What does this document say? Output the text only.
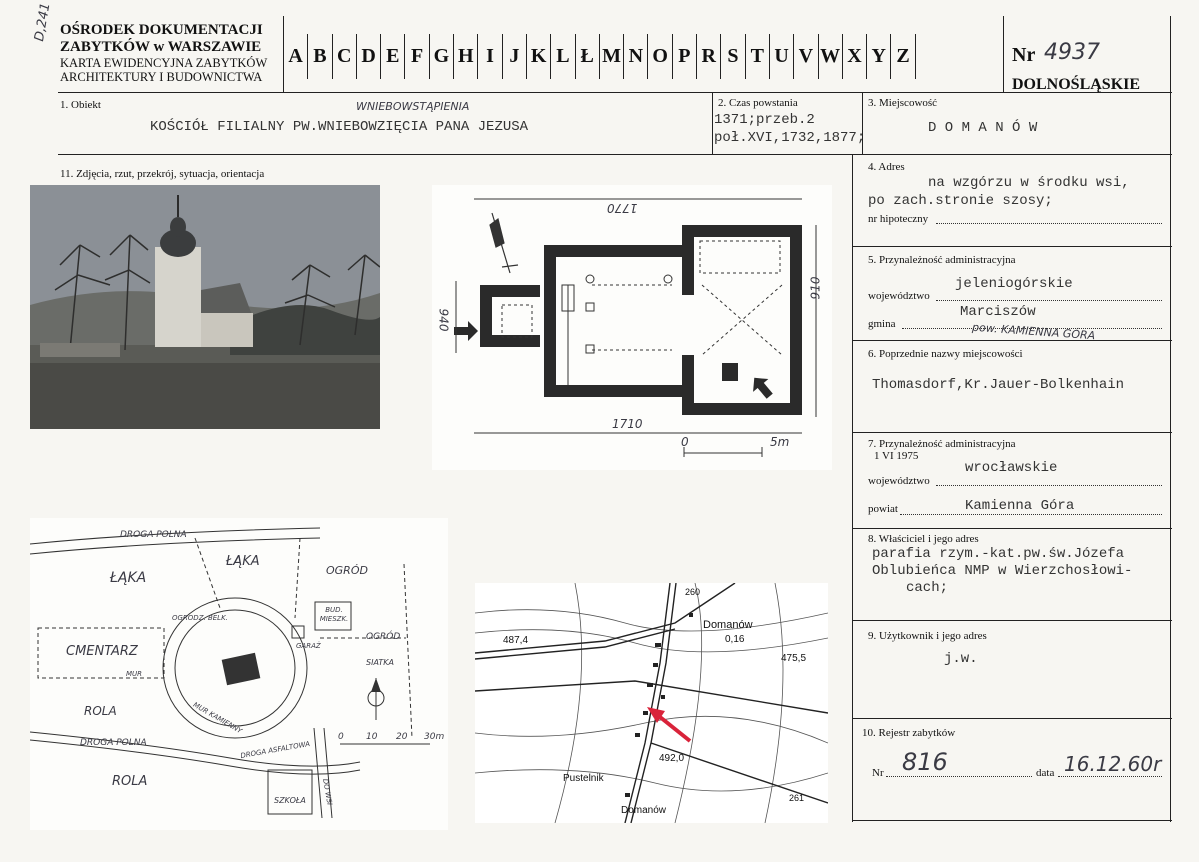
D,241 OŚRODEK DOKUMENTACJI
ZABYTKÓW w WARSZAWIE
KARTA EWIDENCYJNA ZABYTKÓW
ARCHITEKTURY I BUDOWNICTWA
A B C D E F G H I J K L Ł M N O P R S T U V W X Y Z	Nr 4937
DOLNOŚLĄSKIE
1. Obiekt	WNIEBOWSTĄPIENIA
KOŚCIÓŁ FILIALNY PW.WNIEBOWZIĘCIA PANA JEZUSA
2. Czas powstania
1371;przeb.2
poł.XVI,1732,1877;
3. Miejscowość
D O M A N Ó W
11. Zdjęcia, rzut, przekrój, sytuacja, orientacja
1770
1710
940
910
0	5m
DROGA POLNA
ŁĄKA
ŁĄKA
OGRÓD
OGRODZ. BELK.
BUD. MIESZK.
OGRÓD
CMENTARZ
MUR
GARAŻ
SIATKA
ROLA	MUR KAMIENNY
DROGA POLNA	DROGA ASFALTOWA
ROLA
SZKOŁA DO WSI
0 10 20 30m
260
Domanów
0,16
487,4
475,5
492,0
Pustelnik
Domanów
261
4. Adres
na wzgórzu w środku wsi,
po zach.stronie szosy;
nr hipoteczny
5. Przynależność administracyjna
województwo
jeleniogórskie
gmina
Marciszów
pow. KAMIENNA GÓRA
6. Poprzednie nazwy miejscowości
Thomasdorf,Kr.Jauer-Bolkenhain
7. Przynależność administracyjna
1 VI 1975
województwo
wrocławskie
powiat	Kamienna Góra
8. Właściciel i jego adres
parafia rzym.-kat.pw.św.Józefa
Oblubieńca NMP w Wierzchosłowi-
cach;
9. Użytkownik i jego adres
j.w.
10. Rejestr zabytków
Nr 816	data 16.12.60r
